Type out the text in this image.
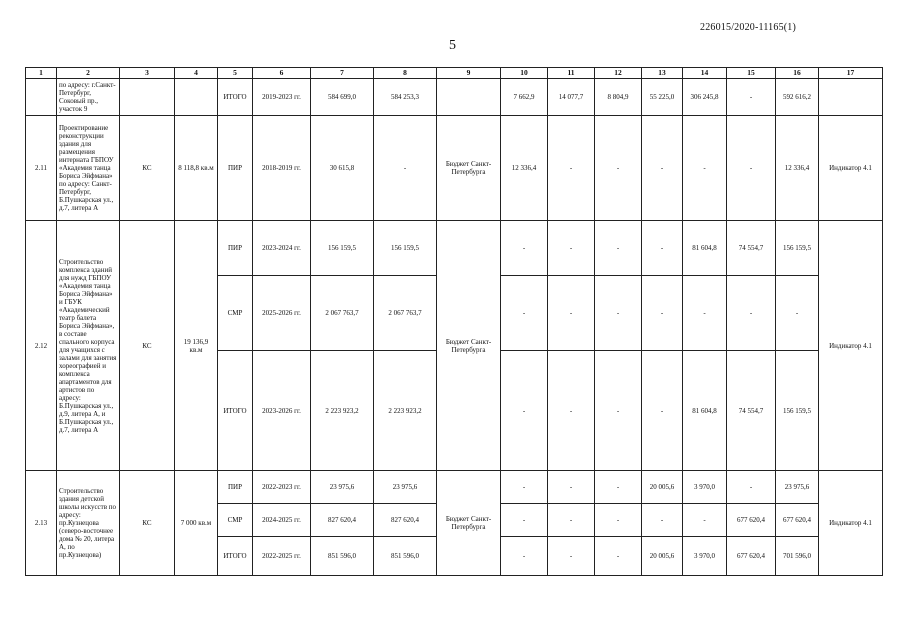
226015/2020-11165(1)
5
1	2	3	4	5	6	7	8	9	10	11	12	13	14	15	16	17
	по адресу: г.Санкт-Петербург, Соковый пр., участок 9			ИТОГО	2019-2023 гг.	584 699,0	584 253,3		7 662,9	14 077,7	8 804,9	55 225,0	306 245,8	-	592 616,2	
2.11	Проектирование реконструкции здания для размещения интерната ГБПОУ «Академия танца Бориса Эйфмана» по адресу: Санкт-Петербург, Б.Пушкарская ул., д.7, литера А	КС	8 118,8 кв.м	ПИР	2018-2019 гг.	30 615,8	-	Бюджет Санкт-Петербурга	12 336,4	-	-	-	-	-	12 336,4	Индикатор 4.1
2.12	Строительство комплекса зданий для нужд ГБПОУ «Академия танца Бориса Эйфмана» и ГБУК «Академический театр балета Бориса Эйфмана», в составе спального корпуса для учащихся с залами для занятия хореографией и комплекса апартаментов для артистов по адресу: Б.Пушкарская ул., д.9, литера А, и Б.Пушкарская ул., д.7, литера А	КС	19 136,9 кв.м	ПИР	2023-2024 гг.	156 159,5	156 159,5	Бюджет Санкт-Петербурга	-	-	-	-	81 604,8	74 554,7	156 159,5	Индикатор 4.1
				СМР	2025-2026 гг.	2 067 763,7	2 067 763,7		-	-	-	-	-	-	-	
				ИТОГО	2023-2026 гг.	2 223 923,2	2 223 923,2		-	-	-	-	81 604,8	74 554,7	156 159,5	
2.13	Строительство здания детской школы искусств по адресу: пр.Кузнецова (северо-восточнее дома № 20, литера А, по пр.Кузнецова)	КС	7 000 кв.м	ПИР	2022-2023 гг.	23 975,6	23 975,6	Бюджет Санкт-Петербурга	-	-	-	20 005,6	3 970,0	-	23 975,6	Индикатор 4.1
				СМР	2024-2025 гг.	827 620,4	827 620,4		-	-	-	-	-	677 620,4	677 620,4	
				ИТОГО	2022-2025 гг.	851 596,0	851 596,0		-	-	-	20 005,6	3 970,0	677 620,4	701 596,0	
